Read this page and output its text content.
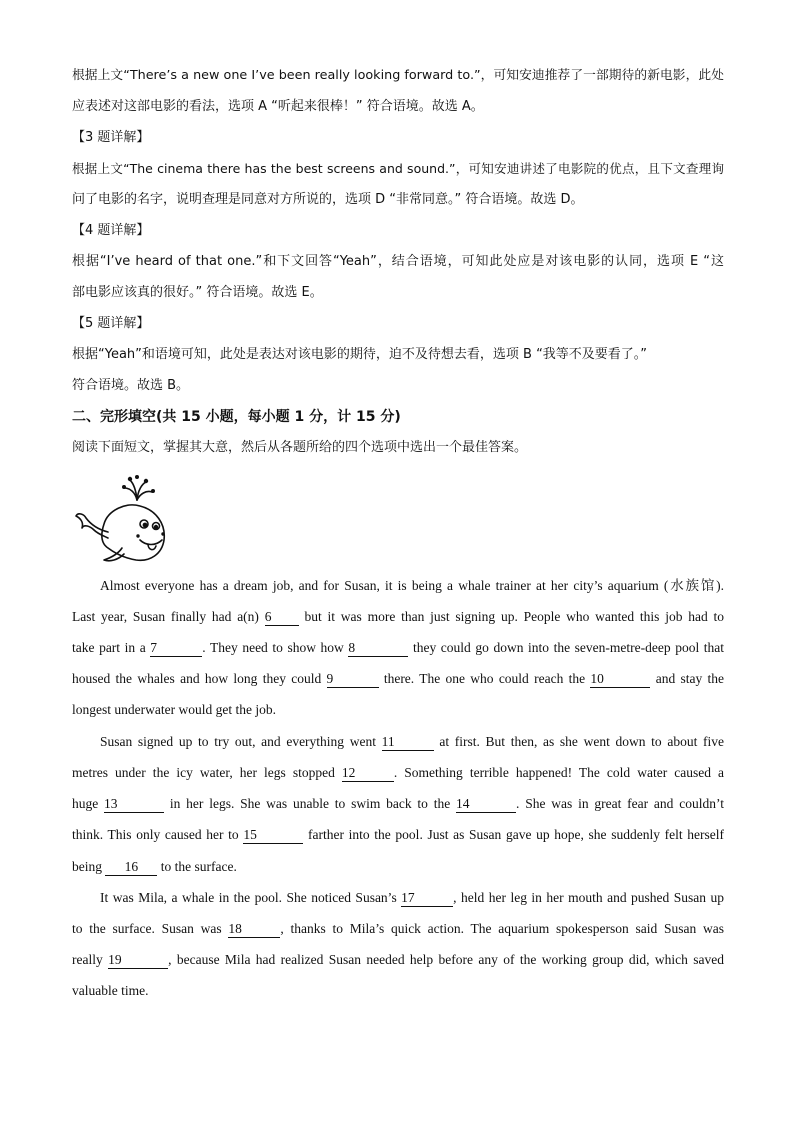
根据上文“There’s a new one I’ve been really looking forward to.”，可知安迪推荐了一部期待的新电影，此处
应表述对这部电影的看法，选项 A “听起来很棒！” 符合语境。故选 A。
【3 题详解】
根据上文“The cinema there has the best screens and sound.”，可知安迪讲述了电影院的优点，且下文查理询
问了电影的名字，说明查理是同意对方所说的，选项 D “非常同意。” 符合语境。故选 D。
【4 题详解】
根据“I’ve heard of that one.”和下文回答“Yeah”，结合语境，可知此处应是对该电影的认同，选项 E “这
部电影应该真的很好。” 符合语境。故选 E。
【5 题详解】
根据“Yeah”和语境可知，此处是表达对该电影的期待，迫不及待想去看，选项 B “我等不及要看了。”
符合语境。故选 B。
二、完形填空(共 15 小题，每小题 1 分，计 15 分)
阅读下面短文，掌握其大意，然后从各题所给的四个选项中选出一个最佳答案。
Almost everyone has a dream job, and for Susan, it is being a whale trainer at her city’s aquarium (水族馆).
Last year, Susan finally had a(n) 6 but it was more than just signing up. People who wanted this job had to
take part in a 7	. They need to show how 8	they could go down into the seven-metre-deep pool that
housed the whales and how long they could 9	there. The one who could reach the 10	and stay the
longest underwater would get the job.
Susan signed up to try out, and everything went 11	at first. But then, as she went down to about five
metres under the icy water, her legs stopped 12	. Something terrible happened! The cold water caused a
huge 13	in her legs. She was unable to swim back to the 14	. She was in great fear and couldn’t
think. This only caused her to 15	farther into the pool. Just as Susan gave up hope, she suddenly felt herself
being 16 to the surface.
It was Mila, a whale in the pool. She noticed Susan’s 17	, held her leg in her mouth and pushed Susan up
to the surface. Susan was 18	, thanks to Mila’s quick action. The aquarium spokesperson said Susan was
really 19	, because Mila had realized Susan needed help before any of the working group did, which saved
valuable time.
